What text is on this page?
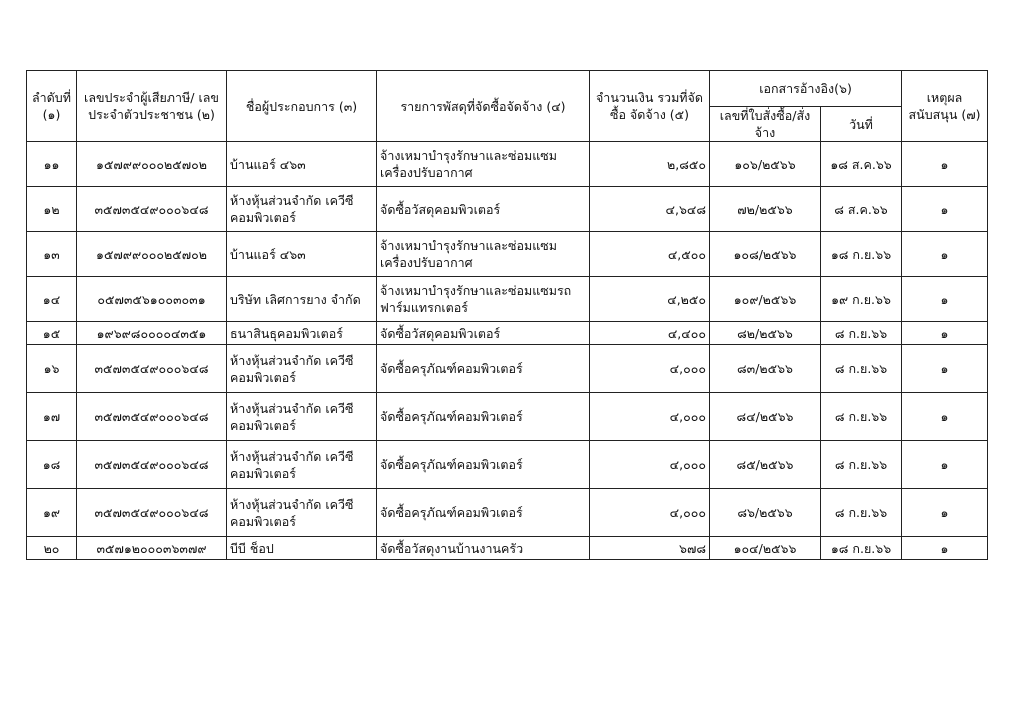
ลำดับที่ (๑)	เลขประจำผู้เสียภาษี/ เลขประจำตัวประชาชน (๒)	ชื่อผู้ประกอบการ (๓)	รายการพัสดุที่จัดซื้อจัดจ้าง (๔)	จำนวนเงิน รวมที่จัดซื้อ จัดจ้าง (๕)	เอกสารอ้างอิง(๖)		เหตุผลสนับสนุน (๗)
					เลขที่ใบสั่งซื้อ/สั่งจ้าง	วันที่	
๑๑	๑๕๗๙๙๐๐๐๒๕๗๐๒	บ้านแอร์ ๔๖๓	จ้างเหมาบำรุงรักษาและซ่อมแซมเครื่องปรับอากาศ	๒,๘๕๐	๑๐๖/๒๕๖๖	๑๘ ส.ค.๖๖	๑
๑๒	๓๕๗๓๕๔๙๐๐๐๖๔๘	ห้างหุ้นส่วนจำกัด เควีซี คอมพิวเตอร์	จัดซื้อวัสดุคอมพิวเตอร์	๔,๖๔๘	๗๒/๒๕๖๖	๘ ส.ค.๖๖	๑
๑๓	๑๕๗๙๙๐๐๐๒๕๗๐๒	บ้านแอร์ ๔๖๓	จ้างเหมาบำรุงรักษาและซ่อมแซมเครื่องปรับอากาศ	๔,๕๐๐	๑๐๘/๒๕๖๖	๑๘ ก.ย.๖๖	๑
๑๔	๐๕๗๓๕๖๑๐๐๓๐๓๑	บริษัท เลิศการยาง จำกัด	จ้างเหมาบำรุงรักษาและซ่อมแซมรถฟาร์มแทรกเตอร์	๔,๒๕๐	๑๐๙/๒๕๖๖	๑๙ ก.ย.๖๖	๑
๑๕	๑๙๖๙๘๐๐๐๐๔๓๕๑	ธนาสินธุคอมพิวเตอร์	จัดซื้อวัสดุคอมพิวเตอร์	๔,๔๐๐	๘๒/๒๕๖๖	๘ ก.ย.๖๖	๑
๑๖	๓๕๗๓๕๔๙๐๐๐๖๔๘	ห้างหุ้นส่วนจำกัด เควีซี คอมพิวเตอร์	จัดซื้อครุภัณฑ์คอมพิวเตอร์	๔,๐๐๐	๘๓/๒๕๖๖	๘ ก.ย.๖๖	๑
๑๗	๓๕๗๓๕๔๙๐๐๐๖๔๘	ห้างหุ้นส่วนจำกัด เควีซี คอมพิวเตอร์	จัดซื้อครุภัณฑ์คอมพิวเตอร์	๔,๐๐๐	๘๔/๒๕๖๖	๘ ก.ย.๖๖	๑
๑๘	๓๕๗๓๕๔๙๐๐๐๖๔๘	ห้างหุ้นส่วนจำกัด เควีซี คอมพิวเตอร์	จัดซื้อครุภัณฑ์คอมพิวเตอร์	๔,๐๐๐	๘๕/๒๕๖๖	๘ ก.ย.๖๖	๑
๑๙	๓๕๗๓๕๔๙๐๐๐๖๔๘	ห้างหุ้นส่วนจำกัด เควีซี คอมพิวเตอร์	จัดซื้อครุภัณฑ์คอมพิวเตอร์	๔,๐๐๐	๘๖/๒๕๖๖	๘ ก.ย.๖๖	๑
๒๐	๓๕๗๑๒๐๐๐๓๖๓๗๙	บีบี ช็อป	จัดซื้อวัสดุงานบ้านงานครัว	๖๗๘	๑๐๔/๒๕๖๖	๑๘ ก.ย.๖๖	๑
